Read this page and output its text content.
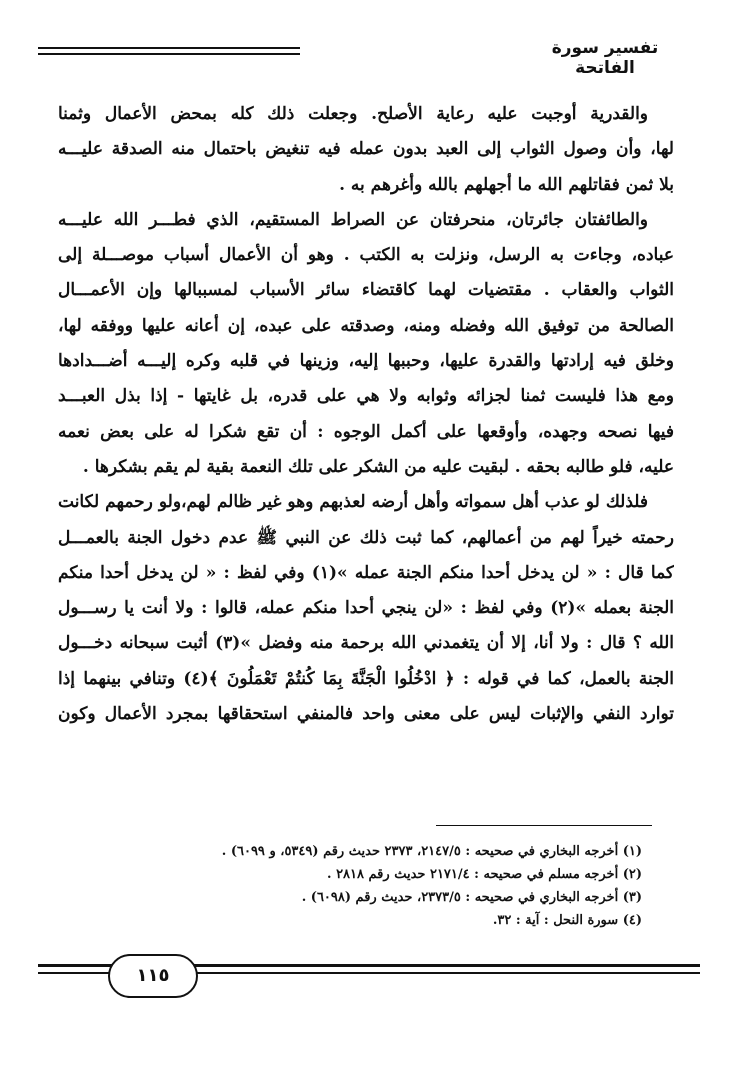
تفسير سورة الفاتحة
والقدرية أوجبت عليه رعاية الأصلح. وجعلت ذلك كله بمحض الأعمال وثمنا
لها، وأن وصول الثواب إلى العبد بدون عمله فيه تنغيض باحتمال منه الصدقة عليـــه
بلا ثمن فقاتلهم الله ما أجهلهم بالله وأغرهم به .
والطائفتان جائرتان، منحرفتان عن الصراط المستقيم، الذي فطـــر الله عليـــه
عباده، وجاءت به الرسل، ونزلت به الكتب . وهو أن الأعمال أسباب موصـــلة إلى
الثواب والعقاب . مقتضيات لهما كاقتضاء سائر الأسباب لمسببالها وإن الأعمـــال
الصالحة من توفيق الله وفضله ومنه، وصدقته على عبده، إن أعانه عليها ووفقه لها،
وخلق فيه إرادتها والقدرة عليها، وحببها إليه، وزينها في قلبه وكره إليـــه أضـــدادها
ومع هذا فليست ثمنا لجزائه وثوابه ولا هي على قدره، بل غايتها - إذا بذل العبـــد
فيها نصحه وجهده، وأوقعها على أكمل الوجوه : أن تقع شكرا له على بعض نعمه
عليه، فلو طالبه بحقه . لبقيت عليه من الشكر على تلك النعمة بقية لم يقم بشكرها .
فلذلك لو عذب أهل سمواته وأهل أرضه لعذبهم وهو غير ظالم لهم،ولو رحمهم لكانت
رحمته خيراً لهم من أعمالهم، كما ثبت ذلك عن النبي ﷺ عدم دخول الجنة بالعمـــل
كما قال : « لن يدخل أحدا منكم الجنة عمله »(١) وفي لفظ : « لن يدخل أحدا منكم
الجنة بعمله »(٢) وفي لفظ : «لن ينجي أحدا منكم عمله، قالوا : ولا أنت يا رســـول
الله ؟ قال : ولا أنا، إلا أن يتغمدني الله برحمة منه وفضل »(٣) أثبت سبحانه دخـــول
الجنة بالعمل، كما في قوله : ﴿ ادْخُلُوا الْجَنَّةَ بِمَا كُنتُمْ تَعْمَلُونَ ﴾(٤) وتنافي بينهما إذا
توارد النفي والإثبات ليس على معنى واحد فالمنفي استحقاقها بمجرد الأعمال وكون
(١) أخرجه البخاري في صحيحه : ٢١٤٧/٥، ٢٣٧٣ حديث رقم (٥٣٤٩، و ٦٠٩٩) .
(٢) أخرجه مسلم في صحيحه : ٢١٧١/٤ حديث رقم ٢٨١٨ .
(٣) أخرجه البخاري في صحيحه : ٢٣٧٣/٥، حديث رقم (٦٠٩٨) .
(٤) سورة النحل : آية : ٣٢.
١١٥
